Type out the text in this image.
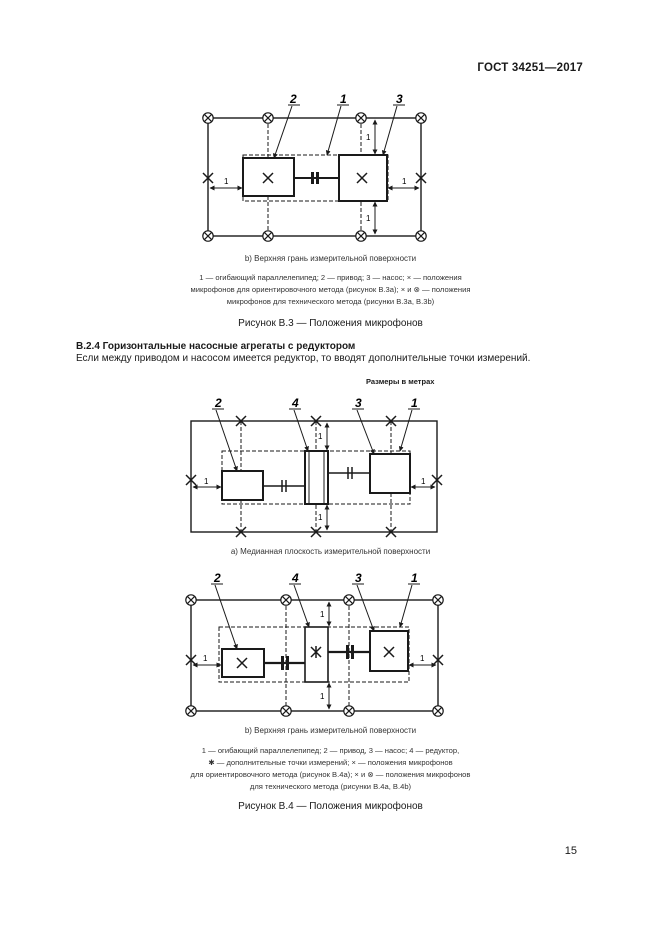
ГОСТ 34251—2017
1	1
1
1
2	1	3
b) Верхняя грань измерительной поверхности
1 — огибающий параллелепипед; 2 — привод; 3 — насос; × — положения
микрофонов для ориентировочного метода (рисунок В.3а); × и ⊗ — положения
микрофонов для технического метода (рисунки В.3а, В.3b)
Рисунок В.3 — Положения микрофонов
В.2.4 Горизонтальные насосные агрегаты с редуктором
Если между приводом и насосом имеется редуктор, то вводят дополнительные точки измерений.
Размеры в метрах
1	1
1
1
2	4	3	1
а) Медианная плоскость измерительной поверхности
1	1
1
1
2	4	3	1
b) Верхняя грань измерительной поверхности
1 — огибающий параллелепипед; 2 — привод, 3 — насос; 4 — редуктор,
✱ — дополнительные точки измерений; × — положения микрофонов
для ориентировочного метода (рисунок В.4а); × и ⊗ — положения микрофонов
для технического метода (рисунки В.4а, В.4b)
Рисунок В.4 — Положения микрофонов
15
